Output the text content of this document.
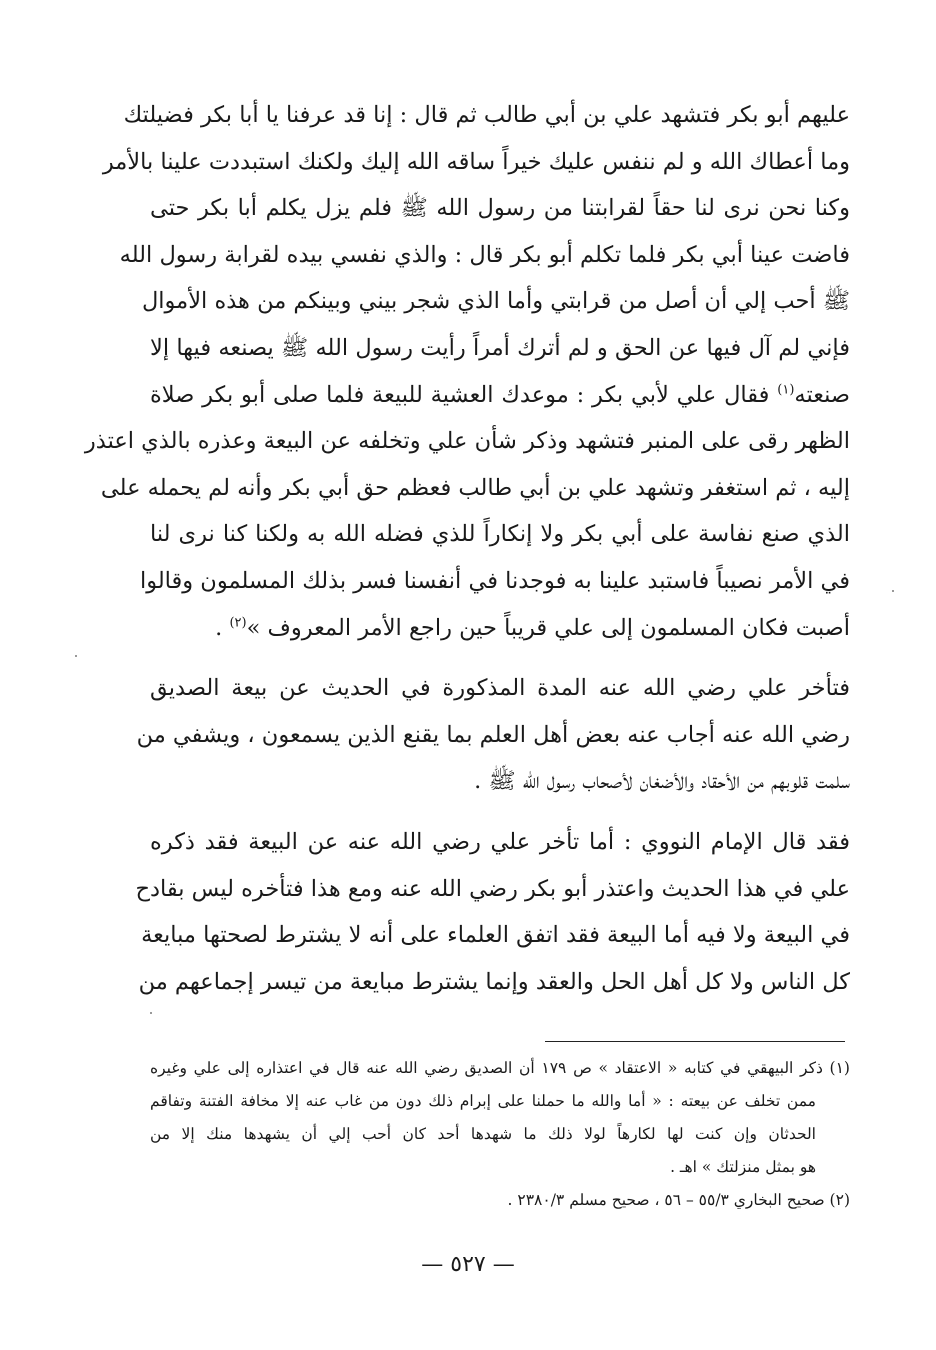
عليهم أبو بكر فتشهد علي بن أبي طالب ثم قال : إنا قد عرفنا يا أبا بكر فضيلتك
وما أعطاك الله و لم ننفس عليك خيراً ساقه الله إليك ولكنك استبددت علينا بالأمر
وكنا نحن نرى لنا حقاً لقرابتنا من رسول الله ﷺ فلم يزل يكلم أبا بكر حتى
فاضت عينا أبي بكر فلما تكلم أبو بكر قال : والذي نفسي بيده لقرابة رسول الله
ﷺ أحب إلي أن أصل من قرابتي وأما الذي شجر بيني وبينكم من هذه الأموال
فإني لم آل فيها عن الحق و لم أترك أمراً رأيت رسول الله ﷺ يصنعه فيها إلا
صنعته$^{(١)}$ فقال علي لأبي بكر : موعدك العشية للبيعة فلما صلى أبو بكر صلاة
الظهر رقى على المنبر فتشهد وذكر شأن علي وتخلفه عن البيعة وعذره بالذي اعتذر
إليه ، ثم استغفر وتشهد علي بن أبي طالب فعظم حق أبي بكر وأنه لم يحمله على
الذي صنع نفاسة على أبي بكر ولا إنكاراً للذي فضله الله به ولكنا كنا نرى لنا
في الأمر نصيباً فاستبد علينا به فوجدنا في أنفسنا فسر بذلك المسلمون وقالوا
أصبت فكان المسلمون إلى علي قريباً حين راجع الأمر المعروف »$^{(٢)}$ .
فتأخر علي رضي الله عنه المدة المذكورة في الحديث عن بيعة الصديق
رضي الله عنه أجاب عنه بعض أهل العلم بما يقنع الذين يسمعون ، ويشفي من
سلمت قلوبهم من الأحقاد والأضغان لأصحاب رسول الله ﷺ .
فقد قال الإمام النووي : أما تأخر علي رضي الله عنه عن البيعة فقد ذكره
علي في هذا الحديث واعتذر أبو بكر رضي الله عنه ومع هذا فتأخره ليس بقادح
في البيعة ولا فيه أما البيعة فقد اتفق العلماء على أنه لا يشترط لصحتها مبايعة
كل الناس ولا كل أهل الحل والعقد وإنما يشترط مبايعة من تيسر إجماعهم من
(١) ذكر البيهقي في كتابه « الاعتقاد » ص ١٧٩ أن الصديق رضي الله عنه قال في اعتذاره إلى علي وغيره
ممن تخلف عن بيعته : « أما والله ما حملنا على إبرام ذلك دون من غاب عنه إلا مخافة الفتنة وتفاقم
الحدثان وإن كنت لها لكارهاً لولا ذلك ما شهدها أحد كان أحب إلي أن يشهدها منك إلا من
هو بمثل منزلتك » اهـ .
(٢) صحيح البخاري ٥٥/٣ – ٥٦ ، صحيح مسلم ٢٣٨٠/٣ .
— ٥٢٧ —
